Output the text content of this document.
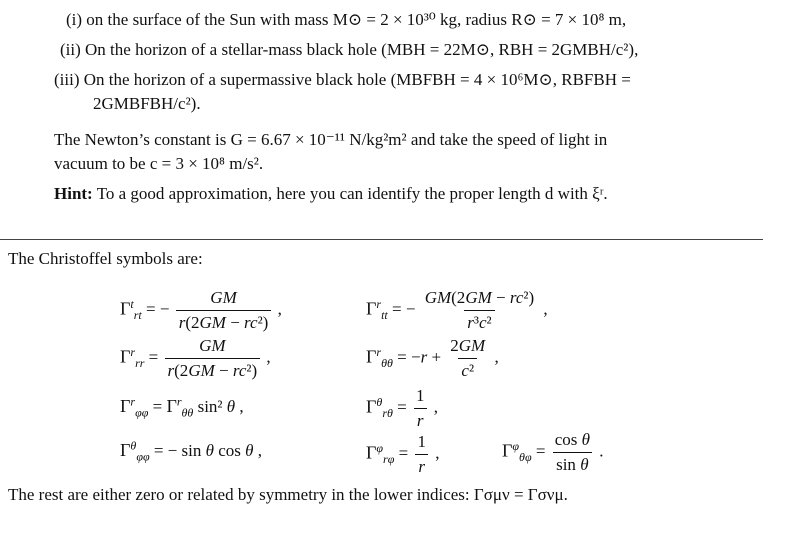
(i) on the surface of the Sun with mass M⊙ = 2 × 10³⁰ kg, radius R⊙ = 7 × 10⁸ m,
(ii) On the horizon of a stellar-mass black hole (MBH = 22M⊙, RBH = 2GMBH/c²),
(iii) On the horizon of a supermassive black hole (MBFBH = 4 × 10⁶M⊙, RBFBH =
2GMBFBH/c²).
The Newton’s constant is G = 6.67 × 10⁻¹¹ N/kg²m² and take the speed of light in
vacuum to be c = 3 × 10⁸ m/s².
Hint: To a good approximation, here you can identify the proper length d with ξʳ.
The Christoffel symbols are:
$\Gamma^t_{rt}$ = − $\frac{GM}{\text{r(2GM − rc²)}}$ ,	$\Gamma^r_{tt}$ = − $\frac{\text{GM(2GM − rc²)}}{\text{r³c²}}$ ,
$\Gamma^r_{rr} = \frac{GM}{\text{r(2GM − rc²)}}$ ,	$\Gamma^r_{\theta\theta} = -r + \frac{2GM}{\text{c²}}$ ,
$\Gamma^r_{\varphi\varphi} = \Gamma^r_{\theta\theta}$ sin² θ ,	$\Gamma^\theta_{r\theta} = \frac{1}{r}$ ,
$\Gamma^\theta_{\varphi\varphi}$ = − sin θ cos θ ,	$\Gamma^\varphi_{r\varphi} = \frac{1}{r}$ ,	$\Gamma^\varphi_{\theta\varphi} = \frac{\text{cos θ}}{\text{sin θ}}$ .
The rest are either zero or related by symmetry in the lower indices: Γσμν = Γσνμ.
